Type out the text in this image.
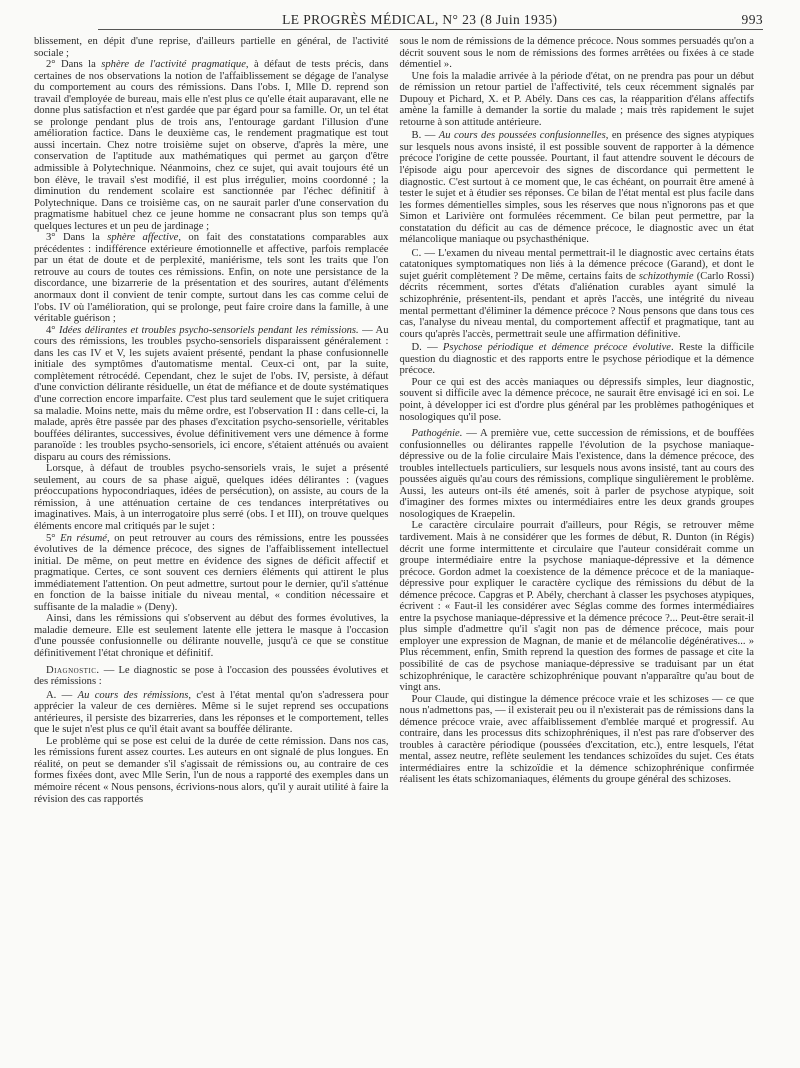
LE PROGRÈS MÉDICAL, N° 23 (8 Juin 1935)	993

blissement, en dépit d'une reprise, d'ailleurs partielle en général, de l'activité sociale ;

2° Dans la sphère de l'activité pragmatique, à défaut de tests précis, dans certaines de nos observations la notion de l'affaiblissement se dégage de l'analyse du comportement au cours des rémissions. Dans l'obs. I, Mlle D. reprend son travail d'employée de bureau, mais elle n'est plus ce qu'elle était auparavant, elle ne donne plus satisfaction et n'est gardée que par égard pour sa famille. Or, un tel état se prolonge pendant plus de trois ans, l'entourage gardant l'illusion d'une amélioration factice. Dans le deuxième cas, le rendement pragmatique est tout aussi incertain. Chez notre troisième sujet on observe, d'après la mère, une conservation de l'aptitude aux mathématiques qui permet au garçon d'être admissible à Polytechnique. Néanmoins, chez ce sujet, qui avait toujours été un bon élève, le travail s'est modifié, il est plus irrégulier, moins coordonné ; la diminution du rendement scolaire est sanctionnée par l'échec définitif à Polytechnique. Dans ce troisième cas, on ne saurait parler d'une conservation du pragmatisme habituel chez ce jeune homme ne consacrant plus son temps qu'à quelques lectures et un peu de jardinage ;

3° Dans la sphère affective, on fait des constatations comparables aux précédentes : indifférence extérieure émotionnelle et affective, parfois remplacée par un état de doute et de perplexité, maniérisme, tels sont les traits que l'on retrouve au cours de toutes ces rémissions. Enfin, on note une persistance de la discordance, une bizarrerie de la présentation et des sourires, autant d'éléments anormaux dont il convient de tenir compte, surtout dans les cas comme celui de l'obs. IV où l'amélioration, qui se prolonge, peut faire croire dans la famille, à une véritable guérison ;

4° Idées délirantes et troubles psycho-sensoriels pendant les rémissions. — Au cours des rémissions, les troubles psycho-sensoriels disparaissent généralement : dans les cas IV et V, les sujets avaient présenté, pendant la phase confusionnelle initiale des symptômes d'automatisme mental. Ceux-ci ont, par la suite, complètement rétrocédé. Cependant, chez le sujet de l'obs. IV, persiste, à défaut d'une conviction délirante résiduelle, un état de méfiance et de doute systématiques d'une correction encore imparfaite. C'est plus tard seulement que le sujet critiquera sa maladie. Moins nette, mais du même ordre, est l'observation II : dans celle-ci, la malade, après être passée par des phases d'excitation psycho-sensorielle, véritables bouffées délirantes, successives, évolue définitivement vers une démence à forme paranoïde : les troubles psycho-sensoriels, ici encore, s'étaient atténués ou avaient disparu au cours des rémissions.

Lorsque, à défaut de troubles psycho-sensoriels vrais, le sujet a présenté seulement, au cours de sa phase aiguë, quelques idées délirantes : (vagues préoccupations hypocondriaques, idées de persécution), on assiste, au cours de la rémission, à une atténuation certaine de ces tendances interprétatives ou imaginatives. Mais, à un interrogatoire plus serré (obs. I et III), on trouve quelques éléments encore mal critiqués par le sujet :

5° En résumé, on peut retrouver au cours des rémissions, entre les poussées évolutives de la démence précoce, des signes de l'affaiblissement intellectuel initial. De même, on peut mettre en évidence des signes de déficit affectif et pragmatique. Certes, ce sont souvent ces derniers éléments qui attirent le plus immédiatement l'attention. On peut admettre, surtout pour le dernier, qu'il s'atténue en fonction de la baisse initiale du niveau mental, « condition nécessaire et suffisante de la maladie » (Deny).

Ainsi, dans les rémissions qui s'observent au début des formes évolutives, la maladie demeure. Elle est seulement latente elle jettera le masque à l'occasion d'une poussée confusionnelle ou délirante nouvelle, jusqu'à ce que se constitue définitivement l'état chronique et définitif.

Diagnostic. — Le diagnostic se pose à l'occasion des poussées évolutives et des rémissions :

A. — Au cours des rémissions, c'est à l'état mental qu'on s'adressera pour apprécier la valeur de ces dernières. Même si le sujet reprend ses occupations antérieures, il persiste des bizarreries, dans les réponses et le comportement, telles que le sujet n'est plus ce qu'il était avant sa bouffée délirante.

Le problème qui se pose est celui de la durée de cette rémission. Dans nos cas, les rémissions furent assez courtes. Les auteurs en ont signalé de plus longues. En réalité, on peut se demander s'il s'agissait de rémissions ou, au contraire de ces formes fixées dont, avec Mlle Serin, l'un de nous a rapporté des exemples dans un mémoire récent « Nous pensons, écrivions-nous alors, qu'il y aurait utilité à faire la révision des cas rapportés

sous le nom de rémissions de la démence précoce. Nous sommes persuadés qu'on a décrit souvent sous le nom de rémissions des formes arrêtées ou fixées à ce stade démentiel ».

Une fois la maladie arrivée à la période d'état, on ne prendra pas pour un début de rémission un retour partiel de l'affectivité, tels ceux récemment signalés par Dupouy et Pichard, X. et P. Abély. Dans ces cas, la réapparition d'élans affectifs amène la famille à demander la sortie du malade ; mais très rapidement le sujet retourne à son attitude antérieure.

B. — Au cours des poussées confusionnelles, en présence des signes atypiques sur lesquels nous avons insisté, il est possible souvent de rapporter à la démence précoce l'origine de cette poussée. Pourtant, il faut attendre souvent le décours de l'épisode aigu pour apercevoir des signes de discordance qui permettent le diagnostic. C'est surtout à ce moment que, le cas échéant, on pourrait être amené à tester le sujet et à étudier ses réponses. Ce bilan de l'état mental est plus facile dans les formes démentielles simples, sous les réserves que nous n'ignorons pas et que Simon et Larivière ont formulées récemment. Ce bilan peut permettre, par la constatation du déficit au cas de démence précoce, le diagnostic avec un état mélancolique maniaque ou psychasthénique.

C. — L'examen du niveau mental permettrait-il le diagnostic avec certains états catatoniques symptomatiques non liés à la démence précoce (Garand), et dont le sujet guérit complètement ? De même, certains faits de schizothymie (Carlo Rossi) décrits récemment, sortes d'états d'aliénation curables ayant simulé la schizophrénie, présentent-ils, pendant et après l'accès, une intégrité du niveau mental permettant d'éliminer la démence précoce ? Nous pensons que dans tous ces cas, l'analyse du niveau mental, du comportement affectif et pragmatique, tant au cours qu'après l'accès, permettrait seule une affirmation définitive.

D. — Psychose périodique et démence précoce évolutive. Reste la difficile question du diagnostic et des rapports entre le psychose périodique et la démence précoce.

Pour ce qui est des accès maniaques ou dépressifs simples, leur diagnostic, souvent si difficile avec la démence précoce, ne saurait être envisagé ici en soi. Le point, à développer ici est d'ordre plus général par les problèmes pathogéniques et nosologiques qu'il pose.

Pathogénie. — A première vue, cette succession de rémissions, et de bouffées confusionnelles ou délirantes rappelle l'évolution de la psychose maniaque-dépressive ou de la folie circulaire Mais l'existence, dans la démence précoce, des troubles intellectuels particuliers, sur lesquels nous avons insisté, tant au cours des poussées aiguës qu'au cours des rémissions, complique singulièrement le problème. Aussi, les auteurs ont-ils été amenés, soit à parler de psychose atypique, soit d'imaginer des formes mixtes ou intermédiaires entre les deux grands groupes nosologiques de Kraepelin.

Le caractère circulaire pourrait d'ailleurs, pour Régis, se retrouver même tardivement. Mais à ne considérer que les formes de début, R. Dunton (in Régis) décrit une forme intermittente et circulaire que l'auteur considérait comme un groupe intermédiaire entre la psychose maniaque-dépressive et la démence précoce. Gordon admet la coexistence de la démence précoce et de la maniaque-dépressive pour expliquer le caractère cyclique des rémissions du début de la démence précoce. Capgras et P. Abély, cherchant à classer les psychoses atypiques, écrivent : « Faut-il les considérer avec Séglas comme des formes intermédiaires entre la psychose maniaque-dépressive et la démence précoce ?... Peut-être serait-il plus simple d'admettre qu'il s'agit non pas de démence précoce, mais pour employer une expression de Magnan, de manie et de mélancolie dégénératives... » Plus récemment, enfin, Smith reprend la question des formes de passage et cite la possibilité de cas de psychose maniaque-dépressive se traduisant par un état schizophrénique, le caractère schizophrénique pouvant n'apparaître qu'au bout de vingt ans.

Pour Claude, qui distingue la démence précoce vraie et les schizoses — ce que nous n'admettons pas, — il existerait peu ou il n'existerait pas de rémissions dans la démence précoce vraie, avec affaiblissement d'emblée marqué et progressif. Au contraire, dans les processus dits schizophréniques, il n'est pas rare d'observer des troubles à caractère périodique (poussées d'excitation, etc.), entre lesquels, l'état mental, assez neutre, reflète seulement les tendances schizoïdes du sujet. Ces états intermédiaires entre la schizoïdie et la démence schizophrénique confirmée réalisent les états schizomaniaques, éléments du groupe général des schizoses.
